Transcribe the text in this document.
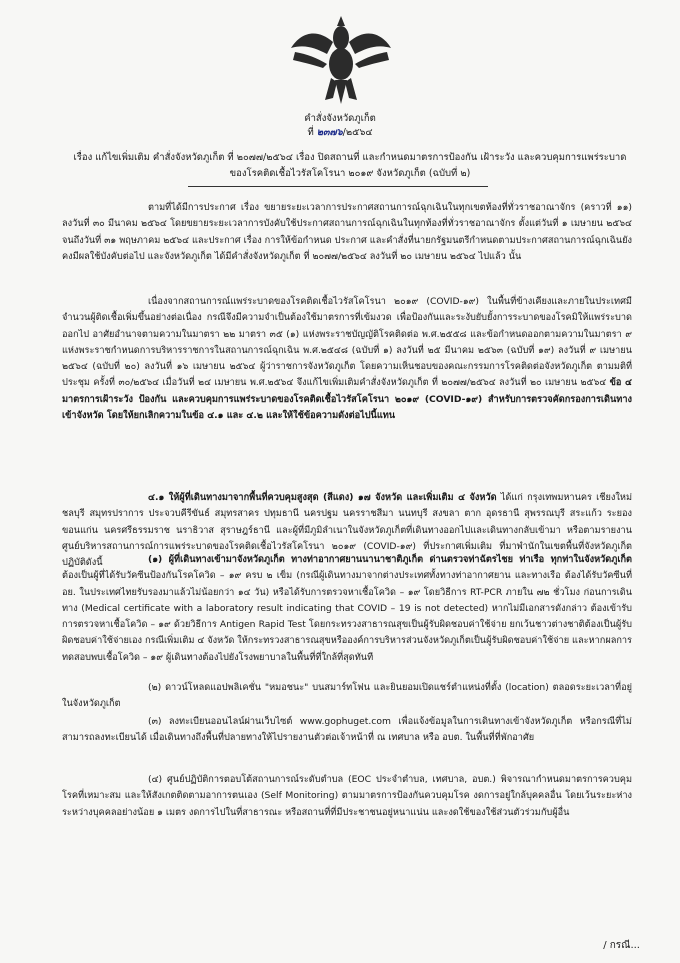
คำสั่งจังหวัดภูเก็ต
ที่ ๒๓๗๖/๒๕๖๔
เรื่อง แก้ไขเพิ่มเติม คำสั่งจังหวัดภูเก็ต ที่ ๒๐๗๗/๒๕๖๔ เรื่อง ปิดสถานที่ และกำหนดมาตรการป้องกัน เฝ้าระวัง และควบคุมการแพร่ระบาดของโรคติดเชื้อไวรัสโคโรนา ๒๐๑๙ จังหวัดภูเก็ต (ฉบับที่ ๒)
ตามที่ได้มีการประกาศ เรื่อง ขยายระยะเวลาการประกาศสถานการณ์ฉุกเฉินในทุกเขตท้องที่ทั่วราชอาณาจักร (คราวที่ ๑๑) ลงวันที่ ๓๐ มีนาคม ๒๕๖๔ โดยขยายระยะเวลาการบังคับใช้ประกาศสถานการณ์ฉุกเฉินในทุกท้องที่ทั่วราชอาณาจักร ตั้งแต่วันที่ ๑ เมษายน ๒๕๖๔ จนถึงวันที่ ๓๑ พฤษภาคม ๒๕๖๔ และประกาศ เรื่อง การให้ข้อกำหนด ประกาศ และคำสั่งที่นายกรัฐมนตรีกำหนดตามประกาศสถานการณ์ฉุกเฉินยังคงมีผลใช้บังคับต่อไป และจังหวัดภูเก็ต ได้มีคำสั่งจังหวัดภูเก็ต ที่ ๒๐๗๗/๒๕๖๔ ลงวันที่ ๒๐ เมษายน ๒๕๖๔ ไปแล้ว นั้น
เนื่องจากสถานการณ์แพร่ระบาดของโรคติดเชื้อไวรัสโคโรนา ๒๐๑๙ (COVID-๑๙) ในพื้นที่ข้างเคียงและภายในประเทศมีจำนวนผู้ติดเชื้อเพิ่มขึ้นอย่างต่อเนื่อง กรณีจึงมีความจำเป็นต้องใช้มาตรการที่เข้มงวด เพื่อป้องกันและระงับยับยั้งการระบาดของโรคมิให้แพร่ระบาดออกไป อาศัยอำนาจตามความในมาตรา ๒๒ มาตรา ๓๕ (๑) แห่งพระราชบัญญัติโรคติดต่อ พ.ศ.๒๕๕๘ และข้อกำหนดออกตามความในมาตรา ๙ แห่งพระราชกำหนดการบริหารราชการในสถานการณ์ฉุกเฉิน พ.ศ.๒๕๔๘ (ฉบับที่ ๑) ลงวันที่ ๒๕ มีนาคม ๒๕๖๓ (ฉบับที่ ๑๙) ลงวันที่ ๙ เมษายน ๒๕๖๔ (ฉบับที่ ๒๐) ลงวันที่ ๑๖ เมษายน ๒๕๖๔ ผู้ว่าราชการจังหวัดภูเก็ต โดยความเห็นชอบของคณะกรรมการโรคติดต่อจังหวัดภูเก็ต ตามมติที่ประชุม ครั้งที่ ๓๐/๒๕๖๔ เมื่อวันที่ ๒๔ เมษายน พ.ศ.๒๕๖๔ จึงแก้ไขเพิ่มเติมคำสั่งจังหวัดภูเก็ต ที่ ๒๐๗๗/๒๕๖๔ ลงวันที่ ๒๐ เมษายน ๒๕๖๔ ข้อ ๔ มาตรการเฝ้าระวัง ป้องกัน และควบคุมการแพร่ระบาดของโรคติดเชื้อไวรัสโคโรนา ๒๐๑๙ (COVID-๑๙) สำหรับการตรวจคัดกรองการเดินทางเข้าจังหวัด โดยให้ยกเลิกความในข้อ ๔.๑ และ ๔.๒ และให้ใช้ข้อความดังต่อไปนี้แทน
๔.๑ ให้ผู้ที่เดินทางมาจากพื้นที่ควบคุมสูงสุด (สีแดง) ๑๗ จังหวัด และเพิ่มเติม ๔ จังหวัด ได้แก่ กรุงเทพมหานคร เชียงใหม่ ชลบุรี สมุทรปราการ ประจวบคีรีขันธ์ สมุทรสาคร ปทุมธานี นครปฐม นครราชสีมา นนทบุรี สงขลา ตาก อุดรธานี สุพรรณบุรี สระแก้ว ระยอง ขอนแก่น นครศรีธรรมราช นราธิวาส สุราษฎร์ธานี และผู้ที่มีภูมิลำเนาในจังหวัดภูเก็ตที่เดินทางออกไปและเดินทางกลับเข้ามา หรือตามรายงานศูนย์บริหารสถานการณ์การแพร่ระบาดของโรคติดเชื้อไวรัสโคโรนา ๒๐๑๙ (COVID-๑๙) ที่ประกาศเพิ่มเติม ที่มาพำนักในเขตพื้นที่จังหวัดภูเก็ต ปฏิบัติดังนี้	(๑) ผู้ที่เดินทางเข้ามาจังหวัดภูเก็ต ทางท่าอากาศยานนานาชาติภูเก็ต ด่านตรวจท่าฉัตรไชย ท่าเรือ ทุกท่าในจังหวัดภูเก็ต ต้องเป็นผู้ที่ได้รับวัคซีนป้องกันโรคโควิด – ๑๙ ครบ ๒ เข็ม (กรณีผู้เดินทางมาจากต่างประเทศทั้งทางท่าอากาศยาน และทางเรือ ต้องได้รับวัคซีนที่ อย. ในประเทศไทยรับรองมาแล้วไม่น้อยกว่า ๑๔ วัน) หรือได้รับการตรวจหาเชื้อโควิด – ๑๙ โดยวิธีการ RT-PCR ภายใน ๗๒ ชั่วโมง ก่อนการเดินทาง (Medical certificate with a laboratory result indicating that COVID – 19 is not detected) หากไม่มีเอกสารดังกล่าว ต้องเข้ารับการตรวจหาเชื้อโควิด – ๑๙ ด้วยวิธีการ Antigen Rapid Test โดยกระทรวงสาธารณสุขเป็นผู้รับผิดชอบค่าใช้จ่าย ยกเว้นชาวต่างชาติต้องเป็นผู้รับผิดชอบค่าใช้จ่ายเอง กรณีเพิ่มเติม ๔ จังหวัด ให้กระทรวงสาธารณสุขหรือองค์การบริหารส่วนจังหวัดภูเก็ตเป็นผู้รับผิดชอบค่าใช้จ่าย และหากผลการทดสอบพบเชื้อโควิด – ๑๙ ผู้เดินทางต้องไปยังโรงพยาบาลในพื้นที่ที่ใกล้ที่สุดทันที
(๒) ดาวน์โหลดแอปพลิเคชั่น "หมอชนะ" บนสมาร์ทโฟน และยินยอมเปิดแชร์ตำแหน่งที่ตั้ง (location) ตลอดระยะเวลาที่อยู่ในจังหวัดภูเก็ต
(๓) ลงทะเบียนออนไลน์ผ่านเว็บไซต์ www.gophuget.com เพื่อแจ้งข้อมูลในการเดินทางเข้าจังหวัดภูเก็ต หรือกรณีที่ไม่สามารถลงทะเบียนได้ เมื่อเดินทางถึงพื้นที่ปลายทางให้ไปรายงานตัวต่อเจ้าหน้าที่ ณ เทศบาล หรือ อบต. ในพื้นที่ที่พักอาศัย
(๔) ศูนย์ปฏิบัติการตอบโต้สถานการณ์ระดับตำบล (EOC ประจำตำบล, เทศบาล, อบต.) พิจารณากำหนดมาตรการควบคุมโรคที่เหมาะสม และให้สังเกตติดตามอาการตนเอง (Self Monitoring) ตามมาตรการป้องกันควบคุมโรค งดการอยู่ใกล้บุคคลอื่น โดยเว้นระยะห่างระหว่างบุคคลอย่างน้อย ๑ เมตร งดการไปในที่สาธารณะ หรือสถานที่ที่มีประชาชนอยู่หนาแน่น และงดใช้ของใช้ส่วนตัวร่วมกับผู้อื่น
/ กรณี...
